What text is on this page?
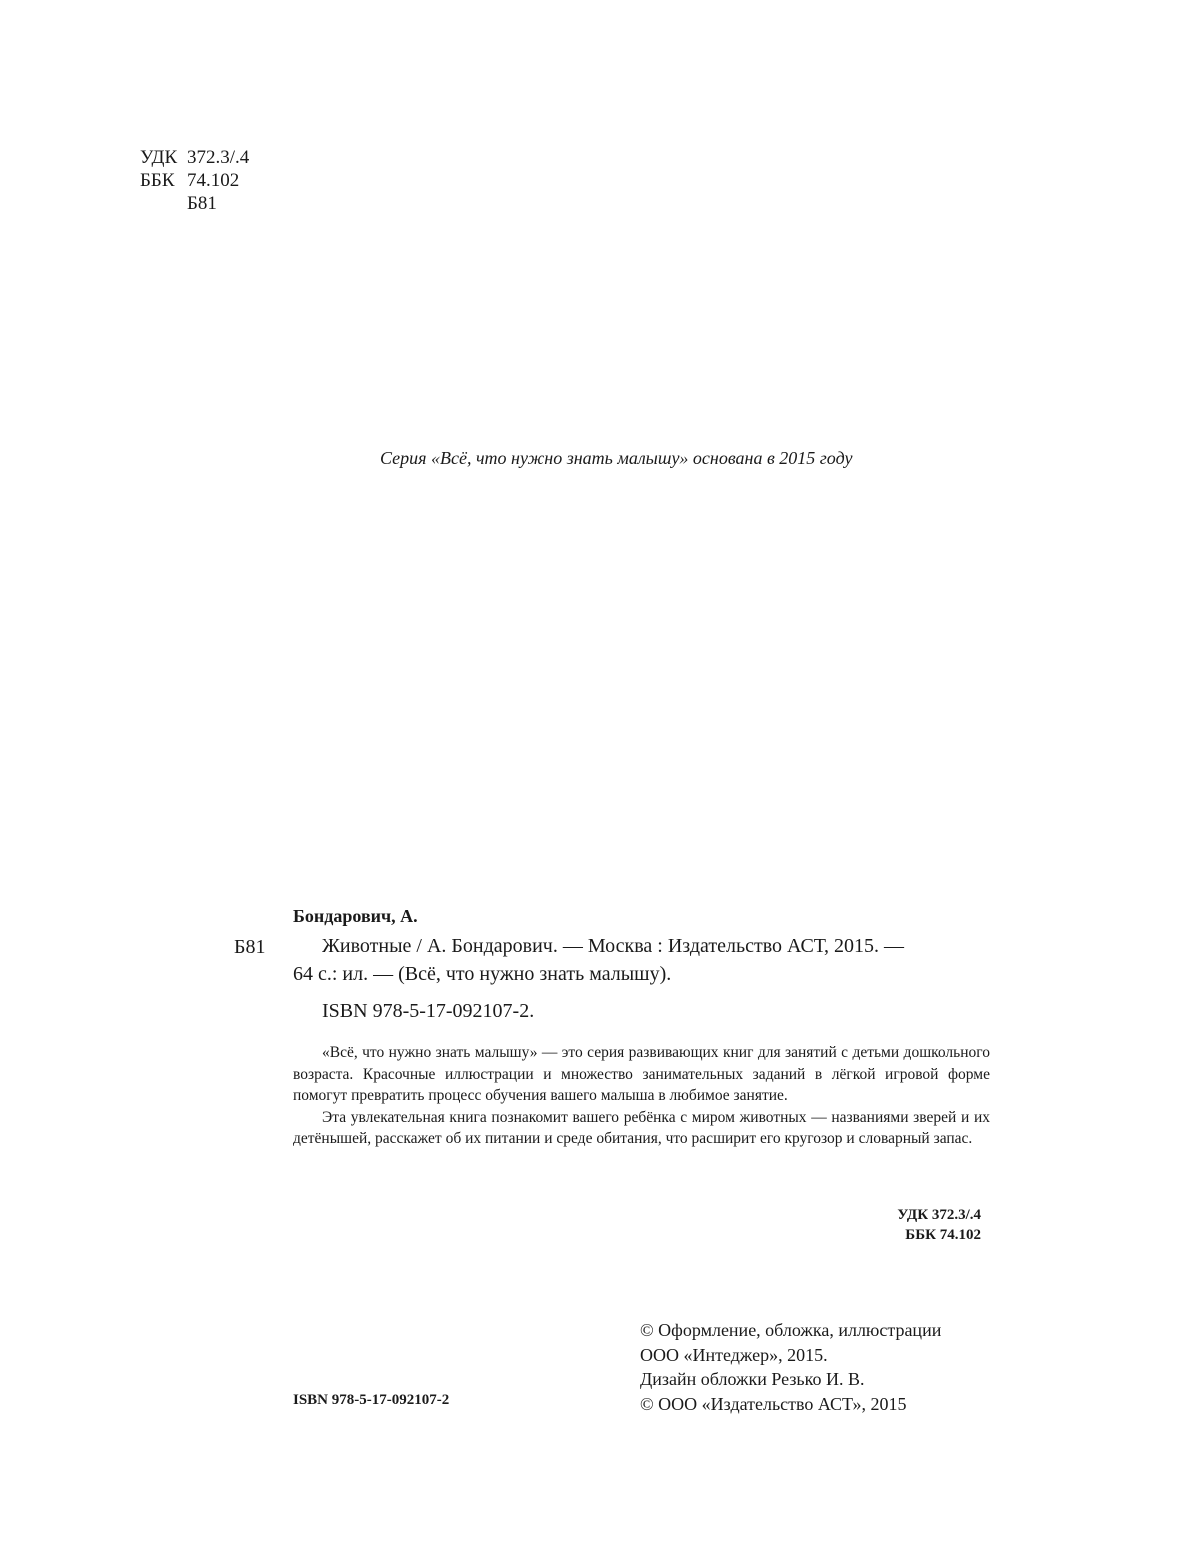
УДК 372.3/.4
ББК 74.102
Б81
Серия «Всё, что нужно знать малышу» основана в 2015 году
Бондарович, А.
Б81	Животные / А. Бондарович. — Москва : Издательство АСТ, 2015. —
64 с.: ил. — (Всё, что нужно знать малышу).
ISBN 978-5-17-092107-2.

«Всё, что нужно знать малышу» — это серия развивающих книг для занятий с детьми дошкольного возраста. Красочные иллюстрации и множество занимательных заданий в лёгкой игровой форме помогут превратить процесс обучения вашего малыша в любимое занятие.

Эта увлекательная книга познакомит вашего ребёнка с миром животных — названиями зверей и их детёнышей, расскажет об их питании и среде обитания, что расширит его кругозор и словарный запас.

УДК 372.3/.4
ББК 74.102
© Оформление, обложка, иллюстрации
ООО «Интеджер», 2015.
Дизайн обложки Резько И. В.
© ООО «Издательство АСТ», 2015
ISBN 978-5-17-092107-2
